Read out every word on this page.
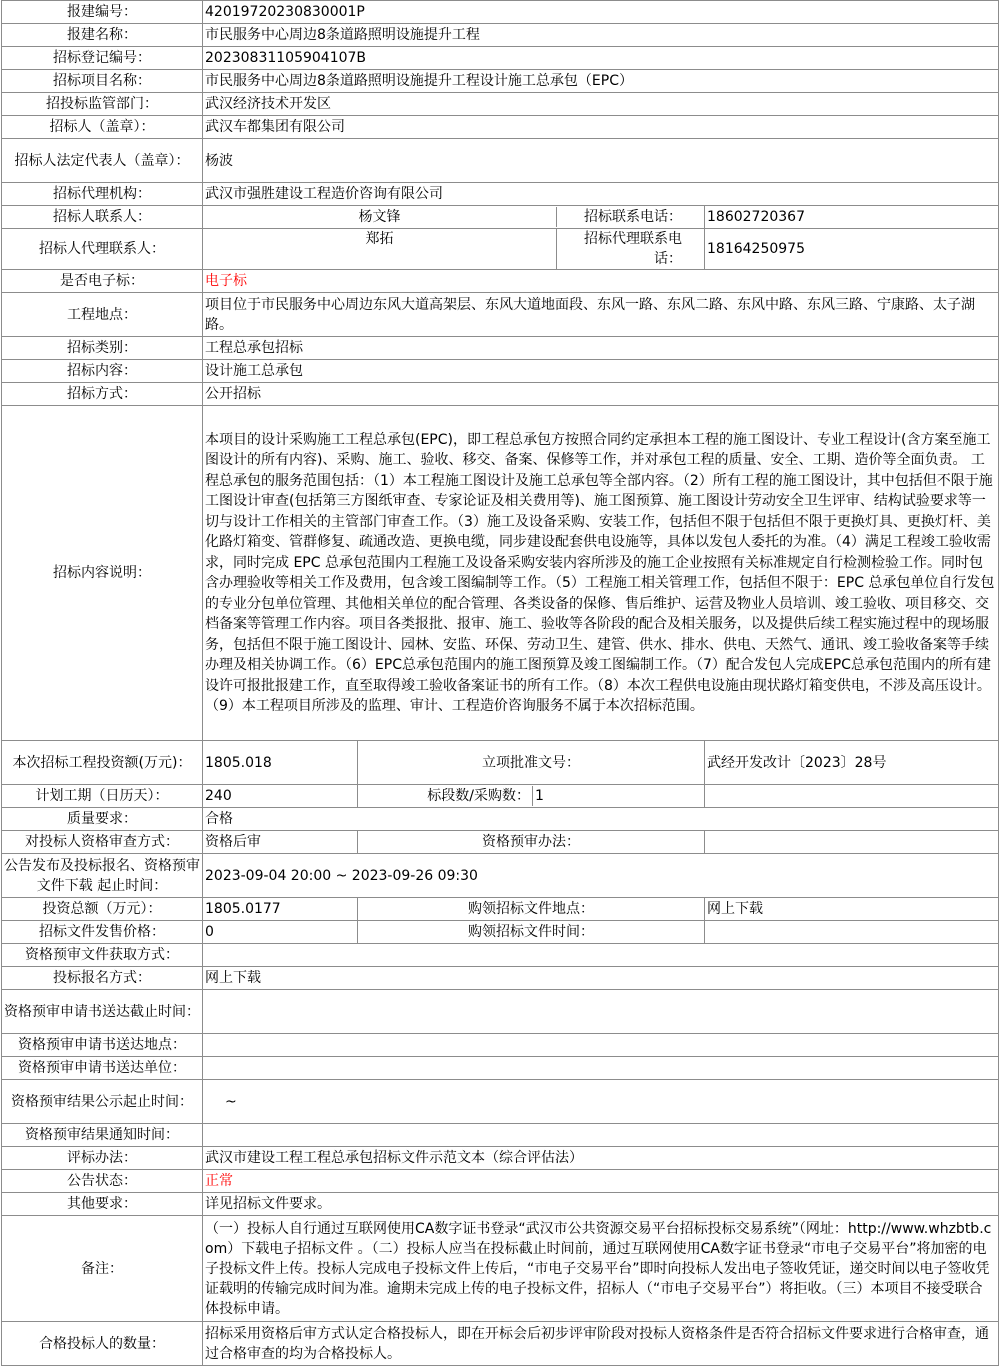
报建编号：	42019720230830001P		
报建名称：	市民服务中心周边8条道路照明设施提升工程		
招标登记编号：	20230831105904107B		
招标项目名称：	市民服务中心周边8条道路照明设施提升工程设计施工总承包（EPC）		
招投标监管部门：	武汉经济技术开发区		
招标人（盖章）：	武汉车都集团有限公司		
招标人法定代表人（盖章）：	杨波		
招标代理机构：	武汉市强胜建设工程造价咨询有限公司		
招标人联系人：	杨文锋 招标联系电话：		18602720367
招标人代理联系人：	郑拓 招标代理联系电话：		18164250975
是否电子标：	电子标		
工程地点：	项目位于市民服务中心周边东风大道高架层、东风大道地面段、东风一路、东风二路、东风中路、东风三路、宁康路、太子湖路。		
招标类别：	工程总承包招标		
招标内容：	设计施工总承包		
招标方式：	公开招标		
招标内容说明：	本项目的设计采购施工工程总承包(EPC)，即工程总承包方按照合同约定承担本工程的施工图设计、专业工程设计(含方案至施工图设计的所有内容)、采购、施工、验收、移交、备案、保修等工作，并对承包工程的质量、安全、工期、造价等全面负责。 工程总承包的服务范围包括：（1）本工程施工图设计及施工总承包等全部内容。（2）所有工程的施工图设计，其中包括但不限于施工图设计审查(包括第三方图纸审查、专家论证及相关费用等)、施工图预算、施工图设计劳动安全卫生评审、结构试验要求等一切与设计工作相关的主管部门审查工作。（3）施工及设备采购、安装工作，包括但不限于包括但不限于更换灯具、更换灯杆、美化路灯箱变、管群修复、疏通改造、更换电缆，同步建设配套供电设施等，具体以发包人委托的为准。（4）满足工程竣工验收需求，同时完成 EPC 总承包范围内工程施工及设备采购安装内容所涉及的施工企业按照有关标准规定自行检测检验工作。同时包含办理验收等相关工作及费用，包含竣工图编制等工作。（5）工程施工相关管理工作，包括但不限于：EPC 总承包单位自行发包的专业分包单位管理、其他相关单位的配合管理、各类设备的保修、售后维护、运营及物业人员培训、竣工验收、项目移交、交档备案等管理工作内容。项目各类报批、报审、施工、验收等各阶段的配合及相关服务，以及提供后续工程实施过程中的现场服务，包括但不限于施工图设计、园林、安监、环保、劳动卫生、建管、供水、排水、供电、天然气、通讯、竣工验收备案等手续办理及相关协调工作。（6）EPC总承包范围内的施工图预算及竣工图编制工作。（7）配合发包人完成EPC总承包范围内的所有建设许可报批报建工作，直至取得竣工验收备案证书的所有工作。（8）本次工程供电设施由现状路灯箱变供电，不涉及高压设计。（9）本工程项目所涉及的监理、审计、工程造价咨询服务不属于本次招标范围。		
本次招标工程投资额(万元)：	1805.018	立项批准文号：	武经开发改计〔2023〕28号
计划工期（日历天）：	240	标段数/采购数： 1	

质量要求：	合格		
对投标人资格审查方式：	资格后审	资格预审办法：	
公告发布及投标报名、资格预审文件下载 起止时间：	2023-09-04 20:00 ~ 2023-09-26 09:30		
投资总额（万元）：	1805.0177	购领招标文件地点：	网上下载
招标文件发售价格：	0	购领招标文件时间：	
资格预审文件获取方式：			
投标报名方式：	网上下载		
资格预审申请书送达截止时间：			
资格预审申请书送达地点：			
资格预审申请书送达单位：			
资格预审结果公示起止时间：	~		
资格预审结果通知时间：			
评标办法：	武汉市建设工程工程总承包招标文件示范文本（综合评估法）		
公告状态：	正常		
其他要求：	详见招标文件要求。		
备注：	（一）投标人自行通过互联网使用CA数字证书登录“武汉市公共资源交易平台招标投标交易系统”（网址：http://www.whzbtb.com）下载电子招标文件 。（二）投标人应当在投标截止时间前，通过互联网使用CA数字证书登录“市电子交易平台”将加密的电子投标文件上传。投标人完成电子投标文件上传后，“市电子交易平台”即时向投标人发出电子签收凭证，递交时间以电子签收凭证载明的传输完成时间为准。逾期未完成上传的电子投标文件，招标人（“市电子交易平台”）将拒收。（三）本项目不接受联合体投标申请。		
合格投标人的数量：	招标采用资格后审方式认定合格投标人，即在开标会后初步评审阶段对投标人资格条件是否符合招标文件要求进行合格审查，通过合格审查的均为合格投标人。		
